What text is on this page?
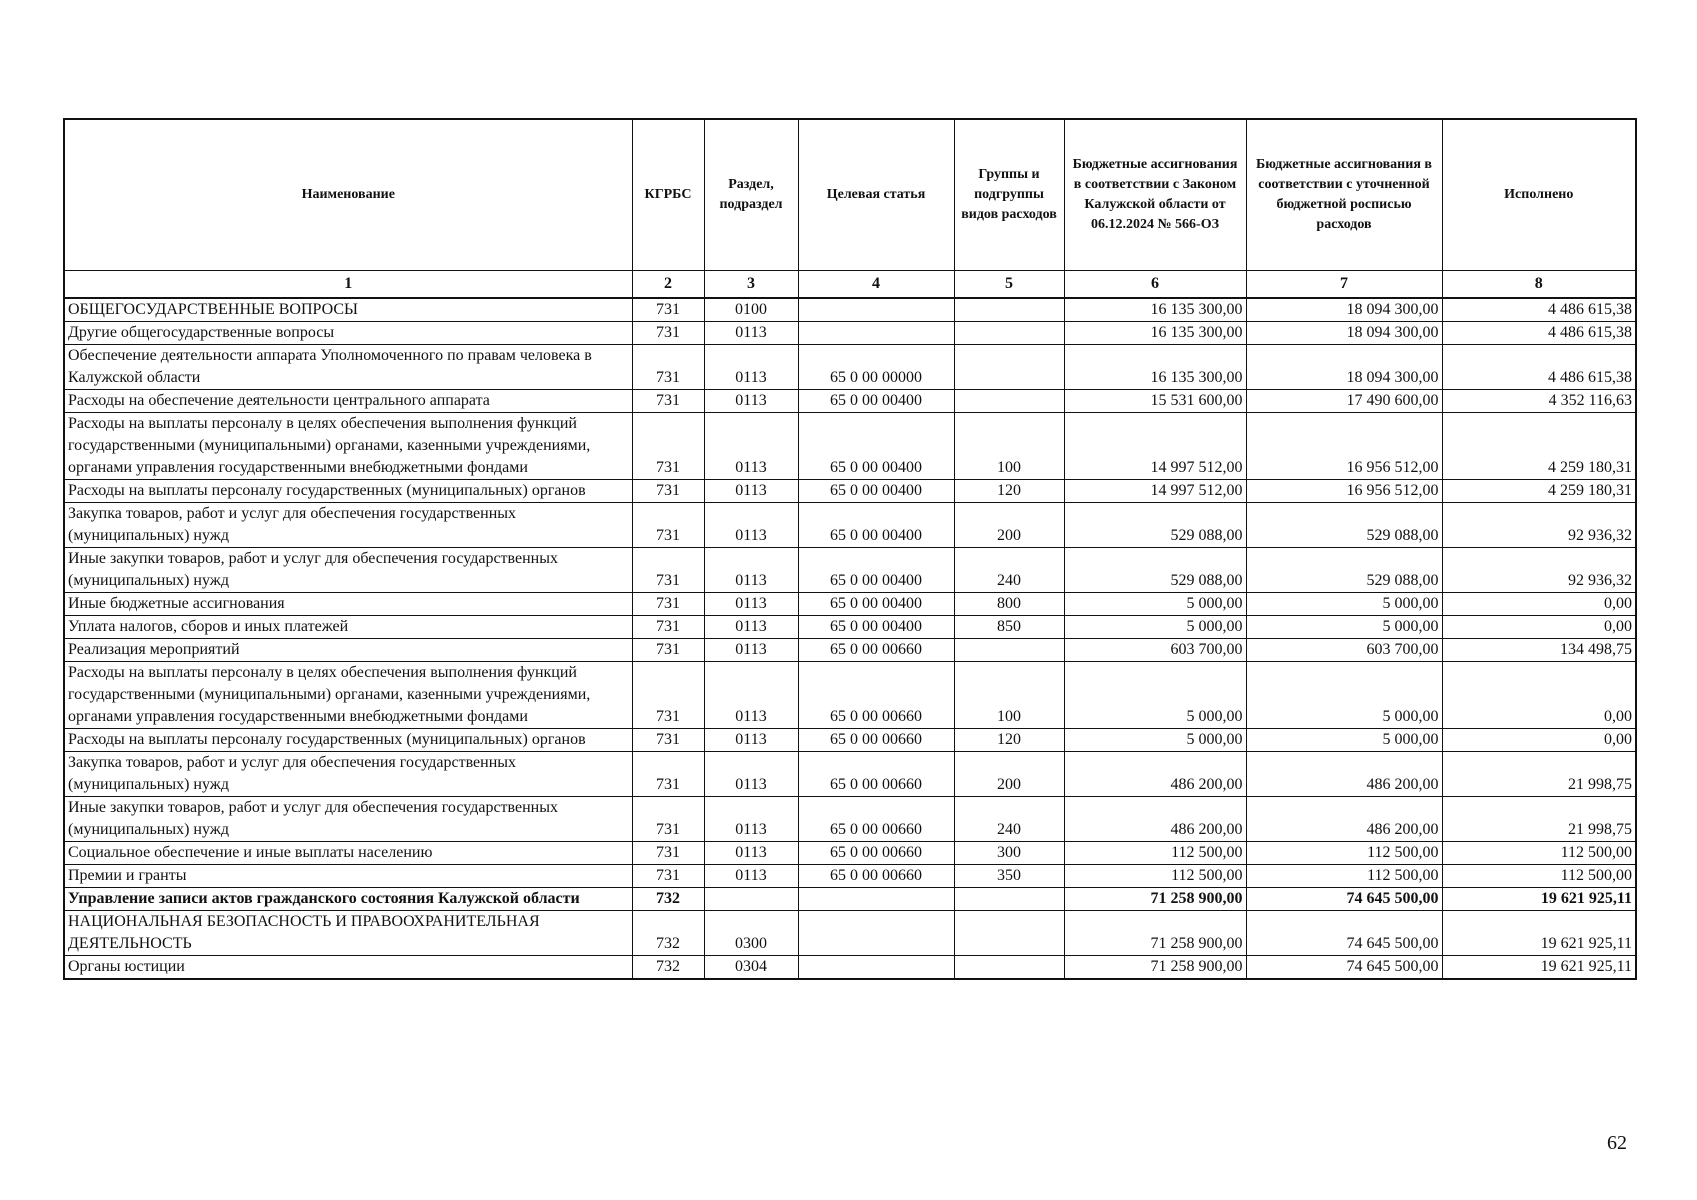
Наименование	КГРБС	Раздел, подраздел	Целевая статья	Группы и подгруппы видов расходов	Бюджетные ассигнования в соответствии с Законом Калужской области от 06.12.2024 № 566-ОЗ	Бюджетные ассигнования в соответствии с уточненной бюджетной росписью расходов	Исполнено
1	2	3	4	5	6	7	8
ОБЩЕГОСУДАРСТВЕННЫЕ ВОПРОСЫ	731	0100			16 135 300,00	18 094 300,00	4 486 615,38
Другие общегосударственные вопросы	731	0113			16 135 300,00	18 094 300,00	4 486 615,38
Обеспечение деятельности аппарата Уполномоченного по правам человека в Калужской области	731	0113	65 0 00 00000		16 135 300,00	18 094 300,00	4 486 615,38
Расходы на обеспечение деятельности центрального аппарата	731	0113	65 0 00 00400		15 531 600,00	17 490 600,00	4 352 116,63
Расходы на выплаты персоналу в целях обеспечения выполнения функций государственными (муниципальными) органами, казенными учреждениями, органами управления государственными внебюджетными фондами	731	0113	65 0 00 00400	100	14 997 512,00	16 956 512,00	4 259 180,31
Расходы на выплаты персоналу государственных (муниципальных) органов	731	0113	65 0 00 00400	120	14 997 512,00	16 956 512,00	4 259 180,31
Закупка товаров, работ и услуг для обеспечения государственных (муниципальных) нужд	731	0113	65 0 00 00400	200	529 088,00	529 088,00	92 936,32
Иные закупки товаров, работ и услуг для обеспечения государственных (муниципальных) нужд	731	0113	65 0 00 00400	240	529 088,00	529 088,00	92 936,32
Иные бюджетные ассигнования	731	0113	65 0 00 00400	800	5 000,00	5 000,00	0,00
Уплата налогов, сборов и иных платежей	731	0113	65 0 00 00400	850	5 000,00	5 000,00	0,00
Реализация мероприятий	731	0113	65 0 00 00660		603 700,00	603 700,00	134 498,75
Расходы на выплаты персоналу в целях обеспечения выполнения функций государственными (муниципальными) органами, казенными учреждениями, органами управления государственными внебюджетными фондами	731	0113	65 0 00 00660	100	5 000,00	5 000,00	0,00
Расходы на выплаты персоналу государственных (муниципальных) органов	731	0113	65 0 00 00660	120	5 000,00	5 000,00	0,00
Закупка товаров, работ и услуг для обеспечения государственных (муниципальных) нужд	731	0113	65 0 00 00660	200	486 200,00	486 200,00	21 998,75
Иные закупки товаров, работ и услуг для обеспечения государственных (муниципальных) нужд	731	0113	65 0 00 00660	240	486 200,00	486 200,00	21 998,75
Социальное обеспечение и иные выплаты населению	731	0113	65 0 00 00660	300	112 500,00	112 500,00	112 500,00
Премии и гранты	731	0113	65 0 00 00660	350	112 500,00	112 500,00	112 500,00
Управление записи актов гражданского состояния Калужской области	732				71 258 900,00	74 645 500,00	19 621 925,11
НАЦИОНАЛЬНАЯ БЕЗОПАСНОСТЬ И ПРАВООХРАНИТЕЛЬНАЯ ДЕЯТЕЛЬНОСТЬ	732	0300			71 258 900,00	74 645 500,00	19 621 925,11
Органы юстиции	732	0304			71 258 900,00	74 645 500,00	19 621 925,11
62
